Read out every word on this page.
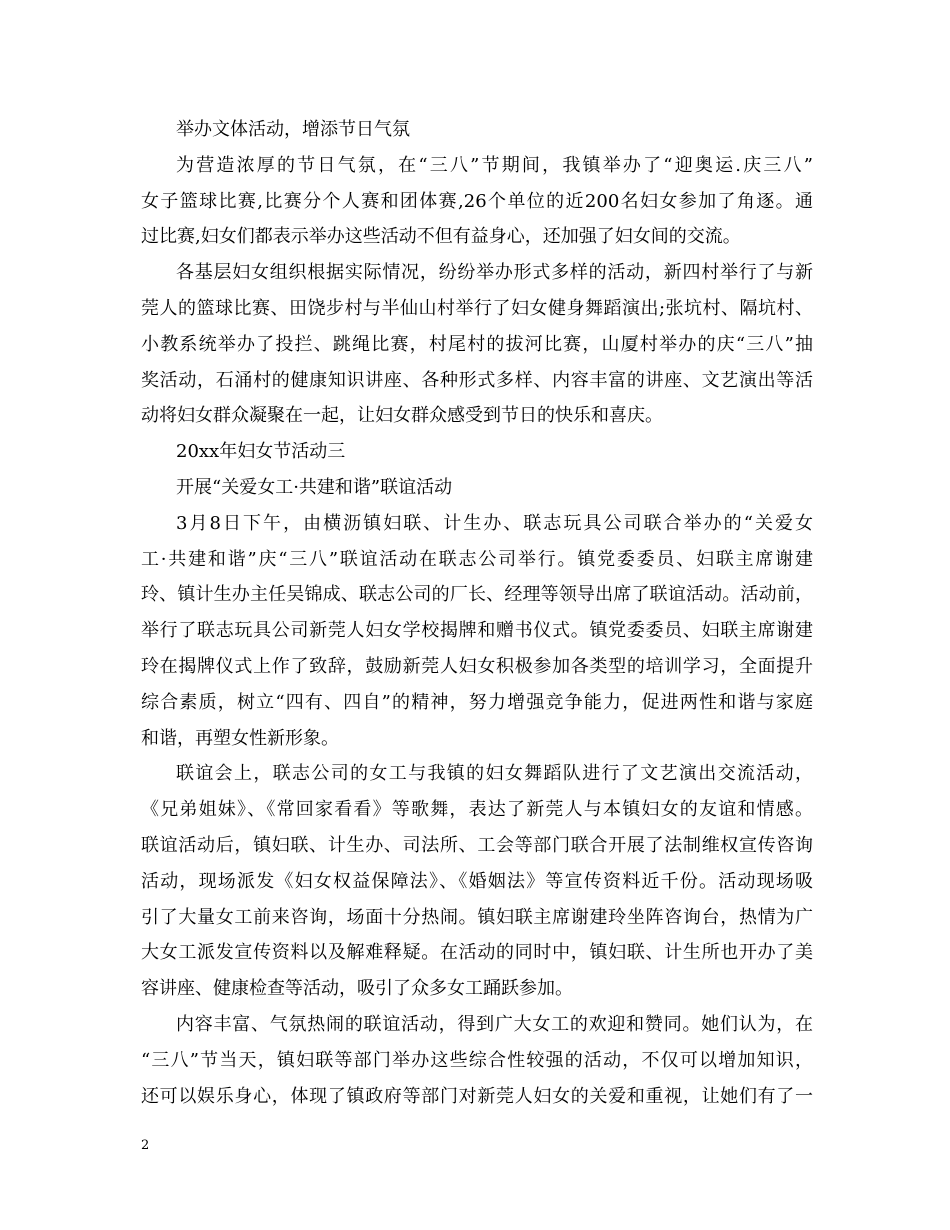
举办文体活动，增添节日气氛
为营造浓厚的节日气氛，在“三八”节期间，我镇举办了“迎奥运.庆三八”
女子篮球比赛,比赛分个人赛和团体赛,26个单位的近200名妇女参加了角逐。通
过比赛,妇女们都表示举办这些活动不但有益身心，还加强了妇女间的交流。
各基层妇女组织根据实际情况，纷纷举办形式多样的活动，新四村举行了与新
莞人的篮球比赛、田饶步村与半仙山村举行了妇女健身舞蹈演出;张坑村、隔坑村、
小教系统举办了投拦、跳绳比赛，村尾村的拔河比赛，山厦村举办的庆“三八”抽
奖活动，石涌村的健康知识讲座、各种形式多样、内容丰富的讲座、文艺演出等活
动将妇女群众凝聚在一起，让妇女群众感受到节日的快乐和喜庆。
20xx年妇女节活动三
开展“关爱女工·共建和谐”联谊活动
3月8日下午，由横沥镇妇联、计生办、联志玩具公司联合举办的“关爱女
工·共建和谐”庆“三八”联谊活动在联志公司举行。镇党委委员、妇联主席谢建
玲、镇计生办主任吴锦成、联志公司的厂长、经理等领导出席了联谊活动。活动前，
举行了联志玩具公司新莞人妇女学校揭牌和赠书仪式。镇党委委员、妇联主席谢建
玲在揭牌仪式上作了致辞，鼓励新莞人妇女积极参加各类型的培训学习，全面提升
综合素质，树立“四有、四自”的精神，努力增强竞争能力，促进两性和谐与家庭
和谐，再塑女性新形象。
联谊会上，联志公司的女工与我镇的妇女舞蹈队进行了文艺演出交流活动，
《兄弟姐妹》、《常回家看看》等歌舞，表达了新莞人与本镇妇女的友谊和情感。
联谊活动后，镇妇联、计生办、司法所、工会等部门联合开展了法制维权宣传咨询
活动，现场派发《妇女权益保障法》、《婚姻法》等宣传资料近千份。活动现场吸
引了大量女工前来咨询，场面十分热闹。镇妇联主席谢建玲坐阵咨询台，热情为广
大女工派发宣传资料以及解难释疑。在活动的同时中，镇妇联、计生所也开办了美
容讲座、健康检查等活动，吸引了众多女工踊跃参加。
内容丰富、气氛热闹的联谊活动，得到广大女工的欢迎和赞同。她们认为，在
“三八”节当天，镇妇联等部门举办这些综合性较强的活动，不仅可以增加知识，
还可以娱乐身心，体现了镇政府等部门对新莞人妇女的关爱和重视，让她们有了一
2
